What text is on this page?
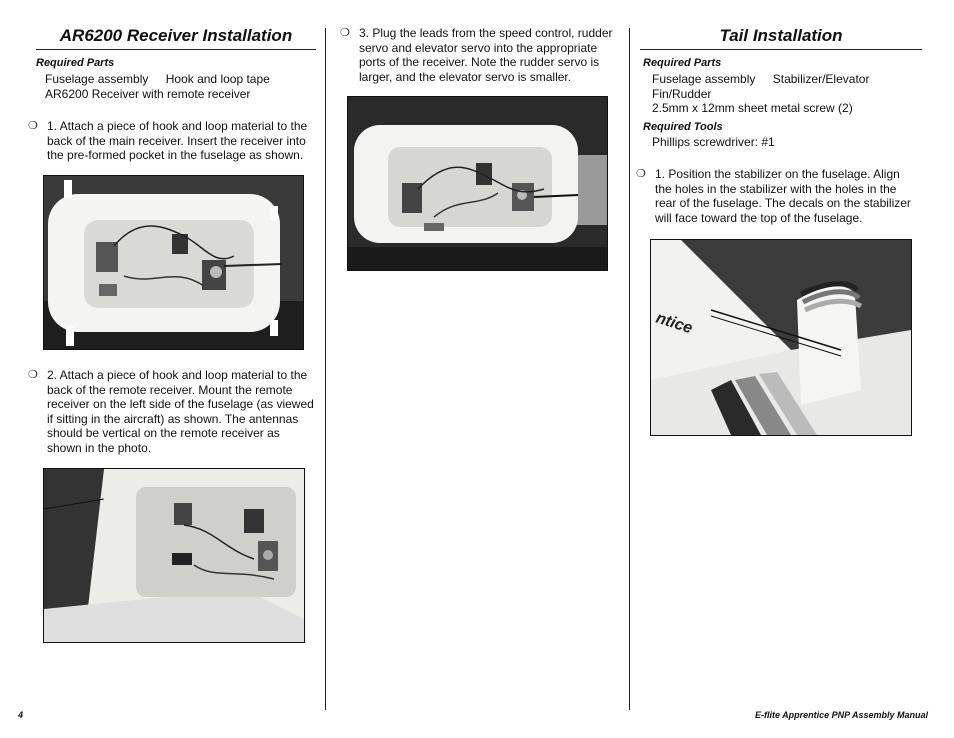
AR6200 Receiver Installation
Required Parts
Fuselage assembly Hook and loop tape
AR6200 Receiver with remote receiver
❍ 1. Attach a piece of hook and loop material to the back of the main receiver. Insert the receiver into the pre-formed pocket in the fuselage as shown.
❍ 2. Attach a piece of hook and loop material to the back of the remote receiver. Mount the remote receiver on the left side of the fuselage (as viewed if sitting in the aircraft) as shown. The antennas should be vertical on the remote receiver as shown in the photo.
❍ 3. Plug the leads from the speed control, rudder servo and elevator servo into the appropriate ports of the receiver. Note the rudder servo is larger, and the elevator servo is smaller.
Tail Installation
Required Parts
Fuselage assembly Stabilizer/Elevator
Fin/Rudder
2.5mm x 12mm sheet metal screw (2)
Required Tools
Phillips screwdriver: #1
❍ 1. Position the stabilizer on the fuselage. Align the holes in the stabilizer with the holes in the rear of the fuselage. The decals on the stabilizer will face toward the top of the fuselage.
ntice
4	E-flite Apprentice PNP Assembly Manual
